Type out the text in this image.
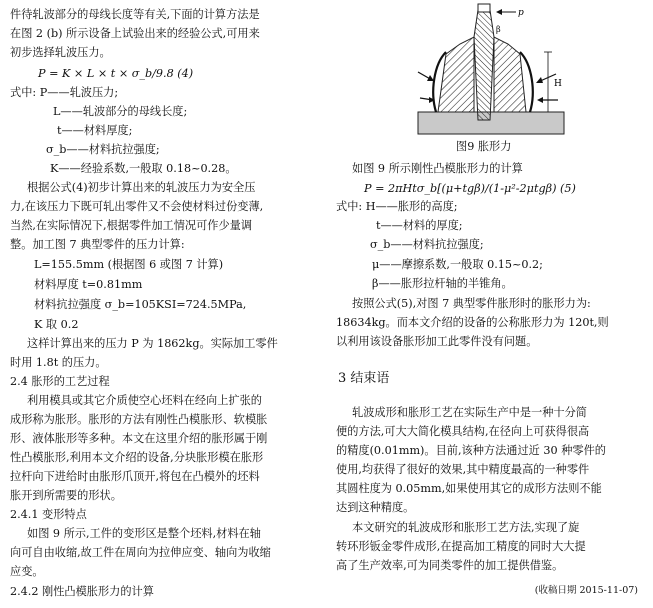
件待轧波部分的母线长度等有关,下面的计算方法是
在图 2 (b) 所示设备上试验出来的经验公式,可用来
初步选择轧波压力。
P = K × L × t × σ_b/9.8 (4)
式中: P——轧波压力;
L——轧波部分的母线长度;
t——材料厚度;
σ_b——材料抗拉强度;
K——经验系数,一般取 0.18~0.28。
根据公式(4)初步计算出来的轧波压力为安全压
力,在该压力下既可轧出零件又不会使材料过份变薄,
当然,在实际情况下,根据零件加工情况可作少量调
整。加工图 7 典型零件的压力计算:
L=155.5mm (根据图 6 或图 7 计算)
材料厚度 t=0.81mm
材料抗拉强度 σ_b=105KSI=724.5MPa,
K 取 0.2
这样计算出来的压力 P 为 1862kg。实际加工零件
时用 1.8t 的压力。
2.4 胀形的工艺过程
利用模具或其它介质使空心坯料在经向上扩张的
成形称为胀形。胀形的方法有刚性凸模胀形、软模胀
形、液体胀形等多种。本文在这里介绍的胀形属于刚
性凸模胀形,利用本文介绍的设备,分块胀形模在胀形
拉杆向下进给时由胀形爪顶开,将包在凸模外的坯料
胀开到所需要的形状。
2.4.1 变形特点
如图 9 所示,工件的变形区是整个坯料,材料在轴
向可自由收缩,故工件在周向为拉伸应变、轴向为收缩
应变。
2.4.2 刚性凸模胀形力的计算
H
p
β
图9 胀形力
如图 9 所示刚性凸模胀形力的计算
P = 2πHtσ_b[(μ+tgβ)/(1-μ²-2μtgβ) (5)
式中: H——胀形的高度;
t——材料的厚度;
σ_b——材料抗拉强度;
μ——摩擦系数,一般取 0.15~0.2;
β——胀形拉杆轴的半锥角。
按照公式(5),对图 7 典型零件胀形时的胀形力为:
18634kg。而本文介绍的设备的公称胀形力为 120t,则
以利用该设备胀形加工此零件没有问题。
3 结束语
轧波成形和胀形工艺在实际生产中是一种十分简
便的方法,可大大简化模具结构,在径向上可获得很高
的精度(0.01mm)。目前,该种方法通过近 30 种零件的
使用,均获得了很好的效果,其中精度最高的一种零件
其圆柱度为 0.05mm,如果使用其它的成形方法则不能
达到这种精度。
本文研究的轧波成形和胀形工艺方法,实现了旋
转环形钣金零件成形,在提高加工精度的同时大大提
高了生产效率,可为同类零件的加工提供借鉴。
(收稿日期 2015-11-07)
